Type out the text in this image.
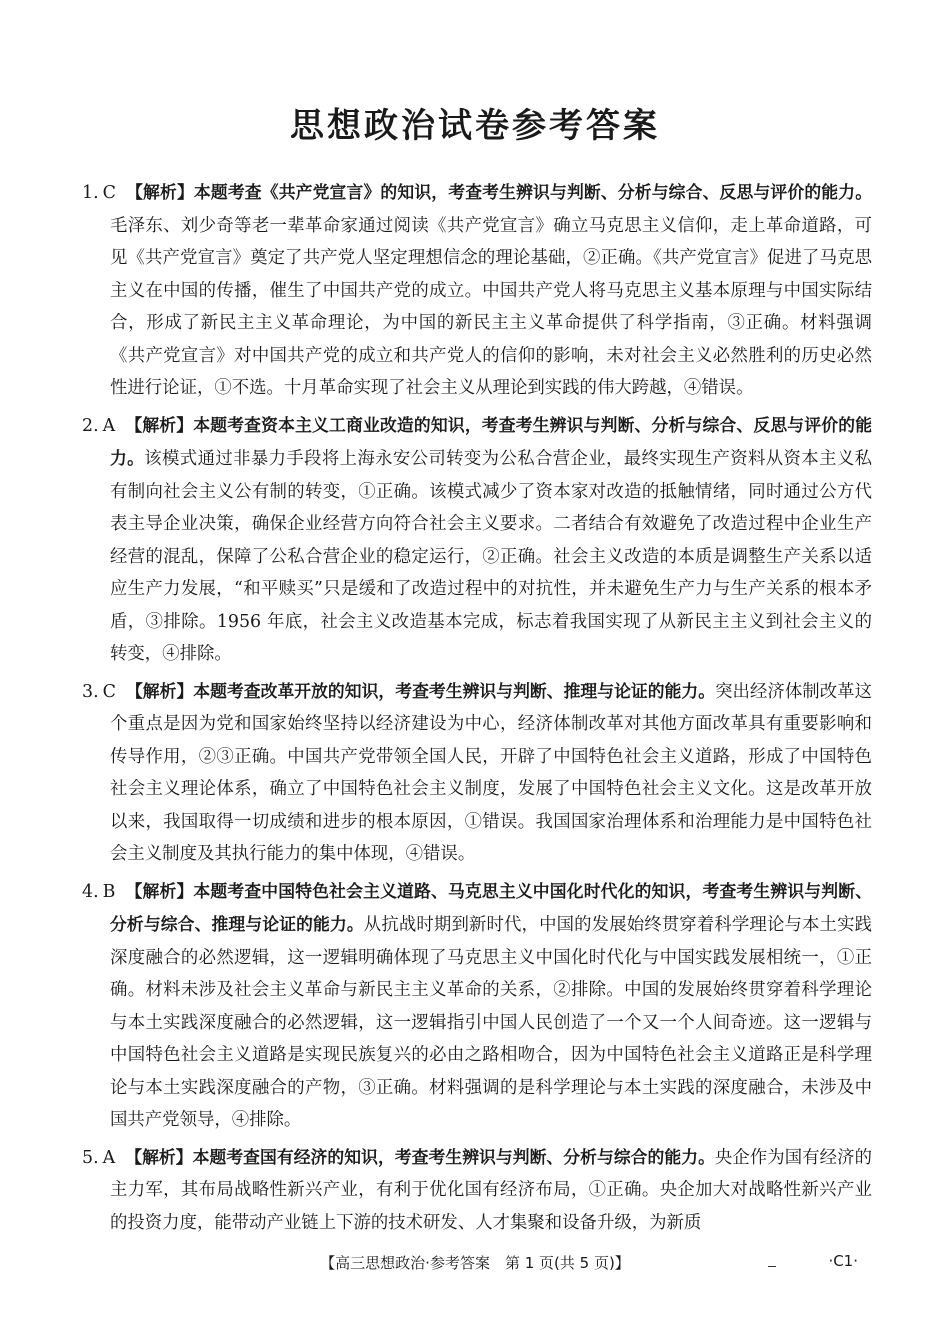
思想政治试卷参考答案

1. C 【解析】本题考查《共产党宣言》的知识，考查考生辨识与判断、分析与综合、反思与评价的能力。毛泽东、刘少奇等老一辈革命家通过阅读《共产党宣言》确立马克思主义信仰，走上革命道路，可见《共产党宣言》奠定了共产党人坚定理想信念的理论基础，②正确。《共产党宣言》促进了马克思主义在中国的传播，催生了中国共产党的成立。中国共产党人将马克思主义基本原理与中国实际结合，形成了新民主主义革命理论，为中国的新民主主义革命提供了科学指南，③正确。材料强调《共产党宣言》对中国共产党的成立和共产党人的信仰的影响，未对社会主义必然胜利的历史必然性进行论证，①不选。十月革命实现了社会主义从理论到实践的伟大跨越，④错误。

2. A 【解析】本题考查资本主义工商业改造的知识，考查考生辨识与判断、分析与综合、反思与评价的能力。该模式通过非暴力手段将上海永安公司转变为公私合营企业，最终实现生产资料从资本主义私有制向社会主义公有制的转变，①正确。该模式减少了资本家对改造的抵触情绪，同时通过公方代表主导企业决策，确保企业经营方向符合社会主义要求。二者结合有效避免了改造过程中企业生产经营的混乱，保障了公私合营企业的稳定运行，②正确。社会主义改造的本质是调整生产关系以适应生产力发展，“和平赎买”只是缓和了改造过程中的对抗性，并未避免生产力与生产关系的根本矛盾，③排除。1956 年底，社会主义改造基本完成，标志着我国实现了从新民主主义到社会主义的转变，④排除。

3. C 【解析】本题考查改革开放的知识，考查考生辨识与判断、推理与论证的能力。突出经济体制改革这个重点是因为党和国家始终坚持以经济建设为中心，经济体制改革对其他方面改革具有重要影响和传导作用，②③正确。中国共产党带领全国人民，开辟了中国特色社会主义道路，形成了中国特色社会主义理论体系，确立了中国特色社会主义制度，发展了中国特色社会主义文化。这是改革开放以来，我国取得一切成绩和进步的根本原因，①错误。我国国家治理体系和治理能力是中国特色社会主义制度及其执行能力的集中体现，④错误。

4. B 【解析】本题考查中国特色社会主义道路、马克思主义中国化时代化的知识，考查考生辨识与判断、分析与综合、推理与论证的能力。从抗战时期到新时代，中国的发展始终贯穿着科学理论与本土实践深度融合的必然逻辑，这一逻辑明确体现了马克思主义中国化时代化与中国实践发展相统一，①正确。材料未涉及社会主义革命与新民主主义革命的关系，②排除。中国的发展始终贯穿着科学理论与本土实践深度融合的必然逻辑，这一逻辑指引中国人民创造了一个又一个人间奇迹。这一逻辑与中国特色社会主义道路是实现民族复兴的必由之路相吻合，因为中国特色社会主义道路正是科学理论与本土实践深度融合的产物，③正确。材料强调的是科学理论与本土实践的深度融合，未涉及中国共产党领导，④排除。

5. A 【解析】本题考查国有经济的知识，考查考生辨识与判断、分析与综合的能力。央企作为国有经济的主力军，其布局战略性新兴产业，有利于优化国有经济布局，①正确。央企加大对战略性新兴产业的投资力度，能带动产业链上下游的技术研发、人才集聚和设备升级，为新质

【高三思想政治·参考答案　第 1 页(共 5 页)】	·C1·
